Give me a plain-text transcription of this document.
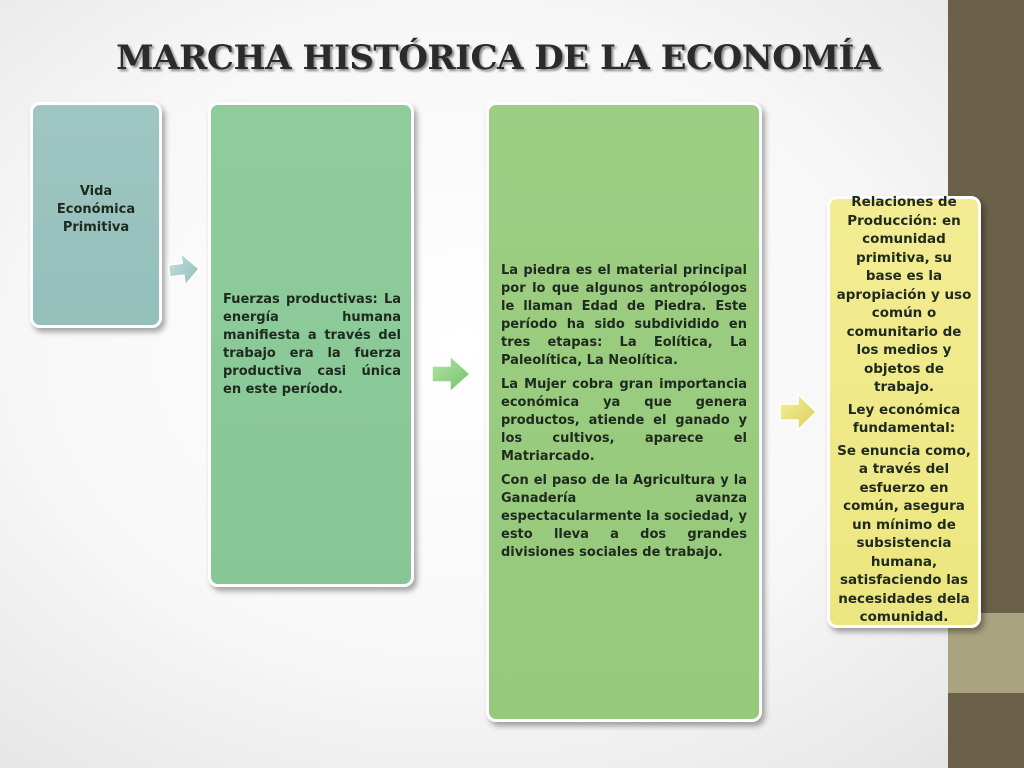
MARCHA HISTÓRICA DE LA ECONOMÍA
Vida Económica Primitiva

Fuerzas productivas: La energía humana manifiesta a través del trabajo era la fuerza productiva casi única en este período.

La piedra es el material principal por lo que algunos antropólogos le llaman Edad de Piedra. Este período ha sido subdividido en tres etapas: La Eolítica, La Paleolítica, La Neolítica.

La Mujer cobra gran importancia económica ya que genera productos, atiende el ganado y los cultivos, aparece el Matriarcado.

Con el paso de la Agricultura y la Ganadería avanza espectacularmente la sociedad, y esto lleva a dos grandes divisiones sociales de trabajo.

Relaciones de Producción: en comunidad primitiva, su base es la apropiación y uso común o comunitario de los medios y objetos de trabajo.

Ley económica fundamental:

Se enuncia como, a través del esfuerzo en común, asegura un mínimo de subsistencia humana, satisfaciendo las necesidades dela comunidad.
